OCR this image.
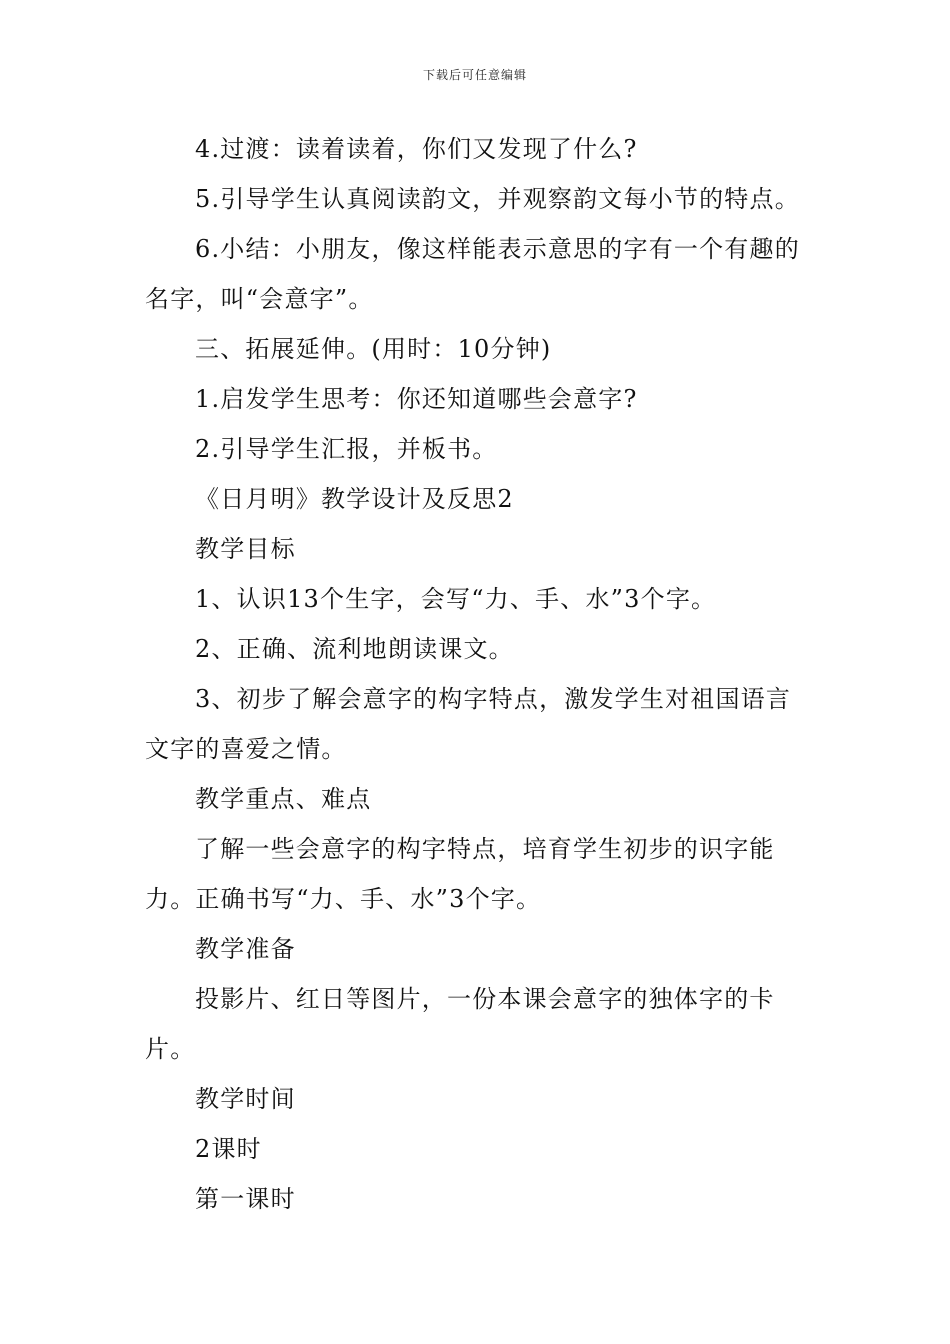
下载后可任意编辑

4.过渡：读着读着，你们又发现了什么?

5.引导学生认真阅读韵文，并观察韵文每小节的特点。

6.小结：小朋友，像这样能表示意思的字有一个有趣的名字，叫“会意字”。

三、拓展延伸。(用时：10分钟)

1.启发学生思考：你还知道哪些会意字?

2.引导学生汇报，并板书。

《日月明》教学设计及反思2

教学目标

1、认识13个生字，会写“力、手、水”3个字。

2、正确、流利地朗读课文。

3、初步了解会意字的构字特点，激发学生对祖国语言文字的喜爱之情。

教学重点、难点

了解一些会意字的构字特点，培育学生初步的识字能力。正确书写“力、手、水”3个字。

教学准备

投影片、红日等图片，一份本课会意字的独体字的卡片。

教学时间

2课时

第一课时
